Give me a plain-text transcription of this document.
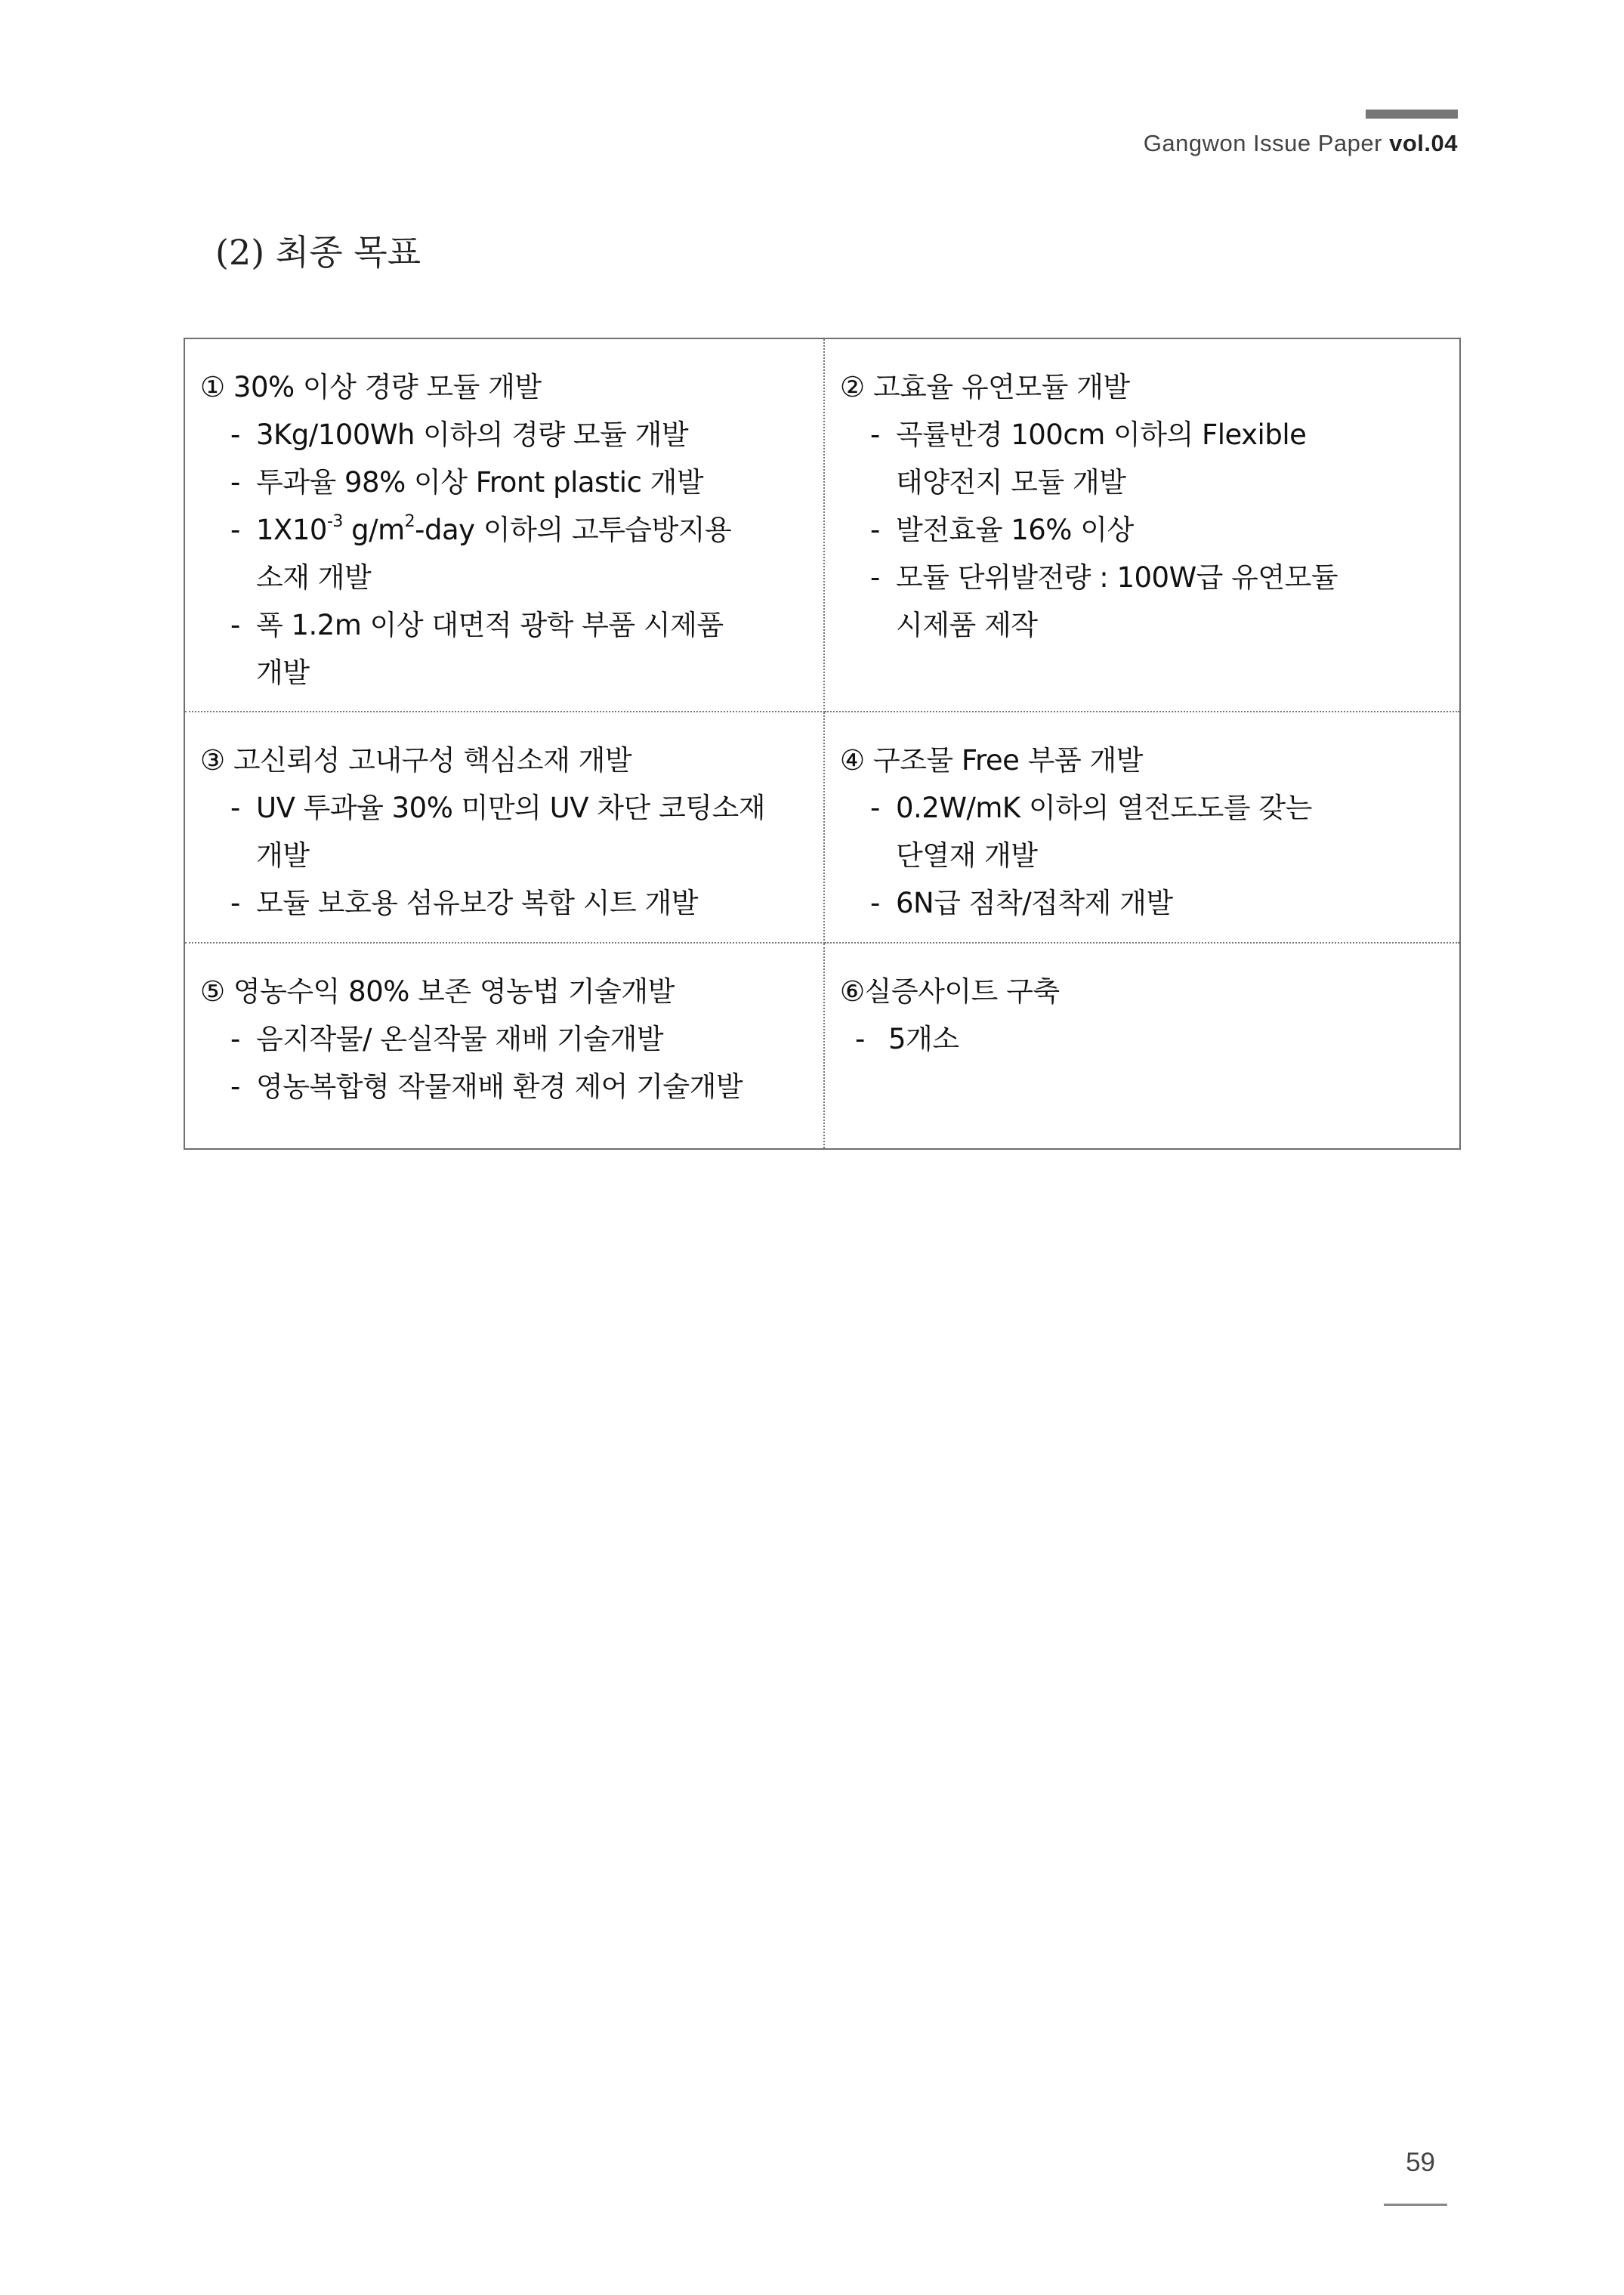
Gangwon Issue Paper vol.04
(2) 최종 목표
① 30% 이상 경량 모듈 개발
- 3Kg/100Wh 이하의 경량 모듈 개발
- 투과율 98% 이상 Front plastic 개발
- $1X10^{-3}$ $g/m^2$-day 이하의 고투습방지용
소재 개발
- 폭 1.2m 이상 대면적 광학 부품 시제품
개발
② 고효율 유연모듈 개발
- 곡률반경 100cm 이하의 Flexible
태양전지 모듈 개발
- 발전효율 16% 이상
- 모듈 단위발전량 : 100W급 유연모듈
시제품 제작
③ 고신뢰성 고내구성 핵심소재 개발
- UV 투과율 30% 미만의 UV 차단 코팅소재
개발
- 모듈 보호용 섬유보강 복합 시트 개발
④ 구조물 Free 부품 개발
- 0.2W/mK 이하의 열전도도를 갖는
단열재 개발
- 6N급 점착/접착제 개발
⑤ 영농수익 80% 보존 영농법 기술개발
- 음지작물/ 온실작물 재배 기술개발
- 영농복합형 작물재배 환경 제어 기술개발
⑥실증사이트 구축
- 5개소
59
